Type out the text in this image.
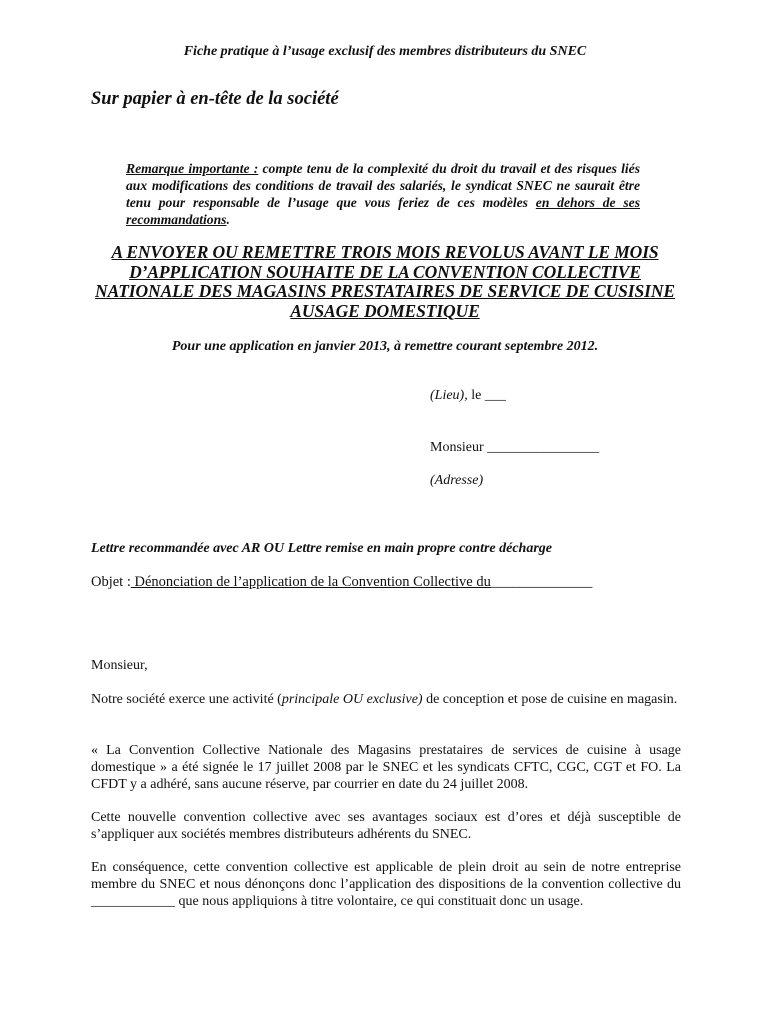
Fiche pratique à l’usage exclusif des membres distributeurs du SNEC
Sur papier à en-tête de la société
Remarque importante : compte tenu de la complexité du droit du travail et des risques liés aux modifications des conditions de travail des salariés, le syndicat SNEC ne saurait être tenu pour responsable de l’usage que vous feriez de ces modèles en dehors de ses recommandations.
A ENVOYER OU REMETTRE TROIS MOIS REVOLUS AVANT LE MOIS D’APPLICATION SOUHAITE DE LA CONVENTION COLLECTIVE NATIONALE DES MAGASINS PRESTATAIRES DE SERVICE DE CUSISINE AUSAGE DOMESTIQUE
Pour une application en janvier 2013, à remettre courant septembre 2012.
(Lieu), le ___
Monsieur ________________
(Adresse)
Lettre recommandée avec AR OU Lettre remise en main propre contre décharge
Objet : Dénonciation de l’application de la Convention Collective du______________
Monsieur,
Notre société exerce une activité (principale OU exclusive) de conception et pose de cuisine en magasin.
« La Convention Collective Nationale des Magasins prestataires de services de cuisine à usage domestique » a été signée le 17 juillet 2008 par le SNEC et les syndicats CFTC, CGC, CGT et FO. La CFDT y a adhéré, sans aucune réserve, par courrier en date du 24 juillet 2008.
Cette nouvelle convention collective avec ses avantages sociaux est d’ores et déjà susceptible de s’appliquer aux sociétés membres distributeurs adhérents du SNEC.
En conséquence, cette convention collective est applicable de plein droit au sein de notre entreprise membre du SNEC et nous dénonçons donc l’application des dispositions de la convention collective du ____________ que nous appliquions à titre volontaire, ce qui constituait donc un usage.
